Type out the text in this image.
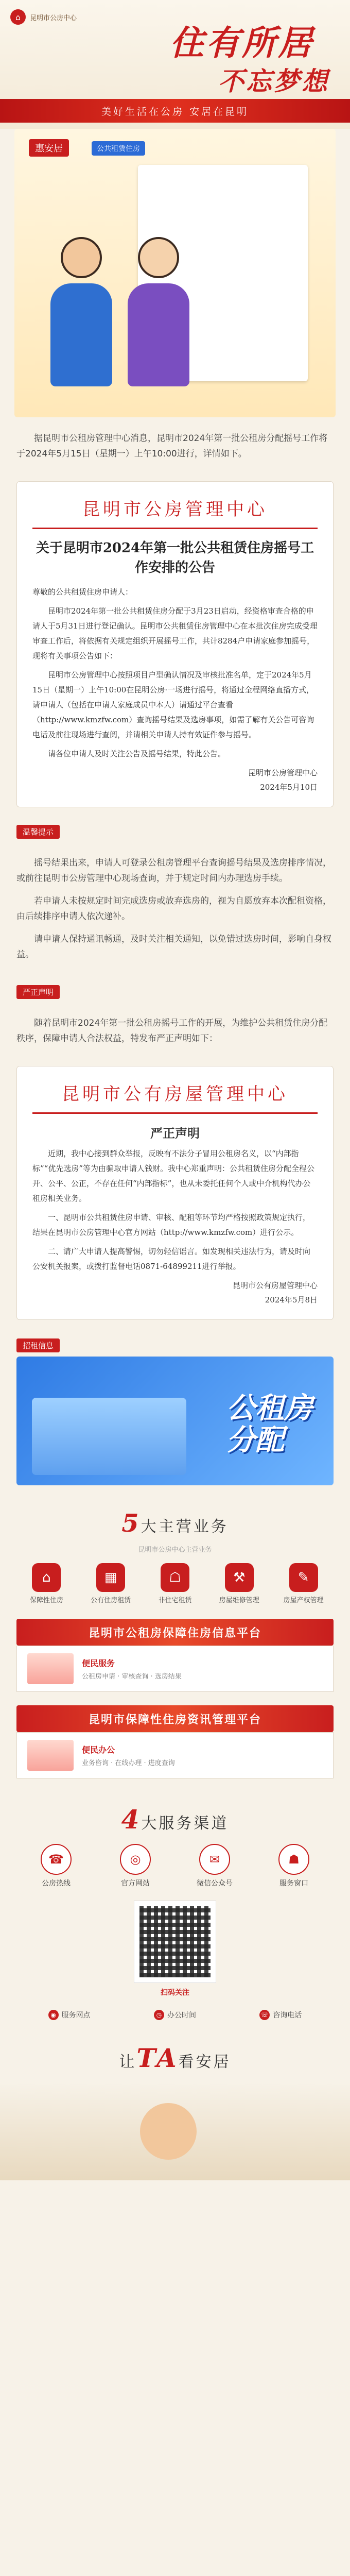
⌂	昆明市公房中心
住有所居
不忘梦想
美好生活在公房 安居在昆明
惠安居	公共租赁住房

据昆明市公租房管理中心消息，昆明市2024年第一批公租房分配摇号工作将于2024年5月15日（星期一）上午10:00进行，详情如下。

昆明市公房管理中心
关于昆明市2024年第一批公共租赁住房摇号工作安排的公告

尊敬的公共租赁住房申请人：

昆明市2024年第一批公共租赁住房分配于3月23日启动，经资格审查合格的申请人于5月31日进行登记确认。昆明市公共租赁住房管理中心在本批次住房完成受理审查工作后，将依据有关规定组织开展摇号工作，共计8284户申请家庭参加摇号，现将有关事项公告如下：

昆明市公房管理中心按照项目户型确认情况及审核批准名单，定于2024年5月15日（星期一）上午10:00在昆明公房·一场进行摇号，将通过全程网络直播方式，请申请人（包括在申请人家庭成员中本人）请通过平台查看（http://www.kmzfw.com）查询摇号结果及选房事项，如需了解有关公告可咨询电话及前往现场进行查阅，并请相关申请人持有效证件参与摇号。

请各位申请人及时关注公告及摇号结果，特此公告。

昆明市公房管理中心
2024年5月10日
温馨提示

摇号结果出来，申请人可登录公租房管理平台查询摇号结果及选房排序情况，或前往昆明市公房管理中心现场查询，并于规定时间内办理选房手续。

若申请人未按规定时间完成选房或放弃选房的，视为自愿放弃本次配租资格，由后续排序申请人依次递补。

请申请人保持通讯畅通，及时关注相关通知，以免错过选房时间，影响自身权益。

严正声明

随着昆明市2024年第一批公租房摇号工作的开展，为维护公共租赁住房分配秩序，保障申请人合法权益，特发布严正声明如下：

昆明市公有房屋管理中心
严正声明

近期，我中心接到群众举报，反映有不法分子冒用公租房名义，以“内部指标”“优先选房”等为由骗取申请人钱财。我中心郑重声明：公共租赁住房分配全程公开、公平、公正，不存在任何“内部指标”，也从未委托任何个人或中介机构代办公租房相关业务。

一、昆明市公共租赁住房申请、审核、配租等环节均严格按照政策规定执行，结果在昆明市公房管理中心官方网站（http://www.kmzfw.com）进行公示。

二、请广大申请人提高警惕，切勿轻信谣言。如发现相关违法行为，请及时向公安机关报案，或拨打监督电话0871-64899211进行举报。

昆明市公有房屋管理中心
2024年5月8日
招租信息
公租房
分配
5大主营业务
昆明市公房中心主营业务
⌂
保障性住房
▦
公有住房租赁
☖
非住宅租赁
⚒
房屋维修管理
✎
房屋产权管理
昆明市公租房保障住房信息平台
便民服务
公租房申请 · 审核查询 · 选房结果
昆明市保障性住房资讯管理平台
便民办公
业务咨询 · 在线办理 · 进度查询
4大服务渠道
☎
公房热线
◎
官方网站
✉
微信公众号
☗
服务窗口
扫码关注
◉ 服务网点	◷ 办公时间	☏ 咨询电话
让TA看安居
